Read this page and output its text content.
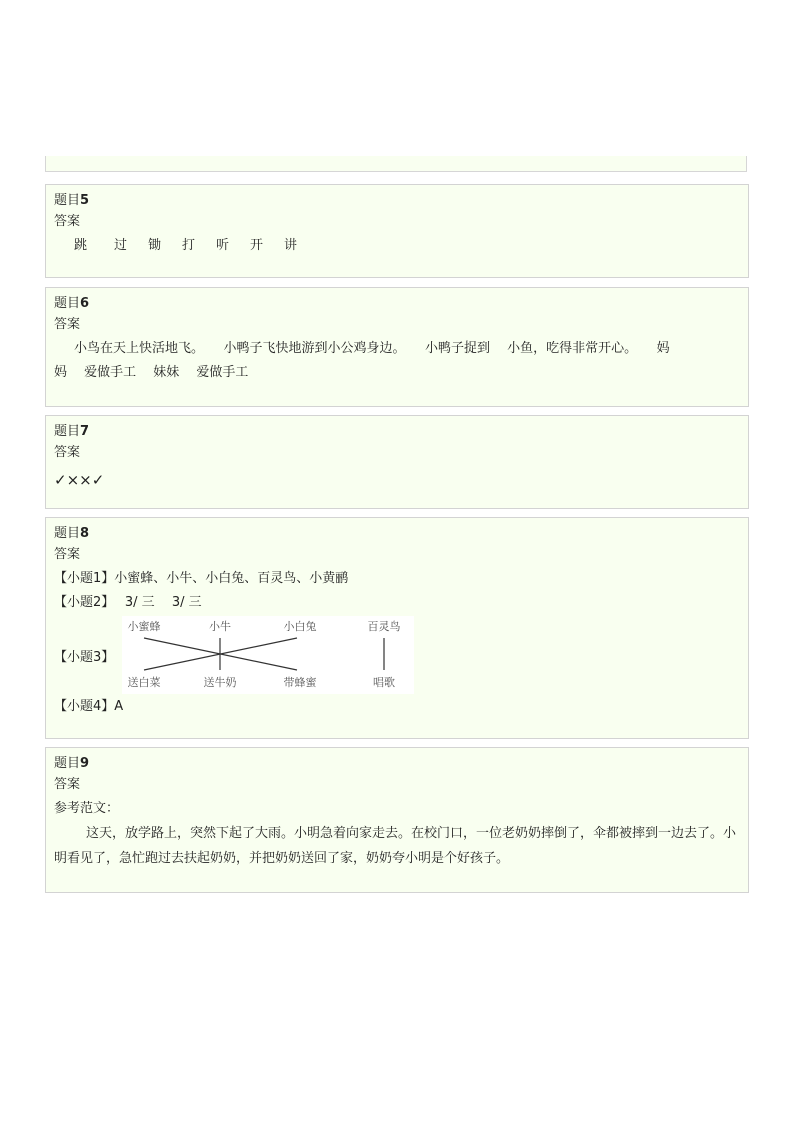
题目5
答案
跳 过 锄 打 听 开 讲
题目6
答案
小鸟在天上快活地飞。　　小鸭子飞快地游到小公鸡身边。　　小鸭子捉到　 小鱼，吃得非常开心。　　妈
妈　 爱做手工　 妹妹　 爱做手工
题目7
答案
✓××✓
题目8
答案
【小题1】小蜜蜂、小牛、小白兔、百灵鸟、小黄鹂
【小题2】　 3/ 三　 3/ 三
【小题3】
小蜜蜂	小牛	小白兔	百灵鸟
送白菜	送牛奶	带蜂蜜	唱歌
【小题4】A
题目9
答案
参考范文：
这天，放学路上，突然下起了大雨。小明急着向家走去。在校门口，一位老奶奶摔倒了，伞都被摔到一边去了。小明看见了，急忙跑过去扶起奶奶，并把奶奶送回了家，奶奶夸小明是个好孩子。
